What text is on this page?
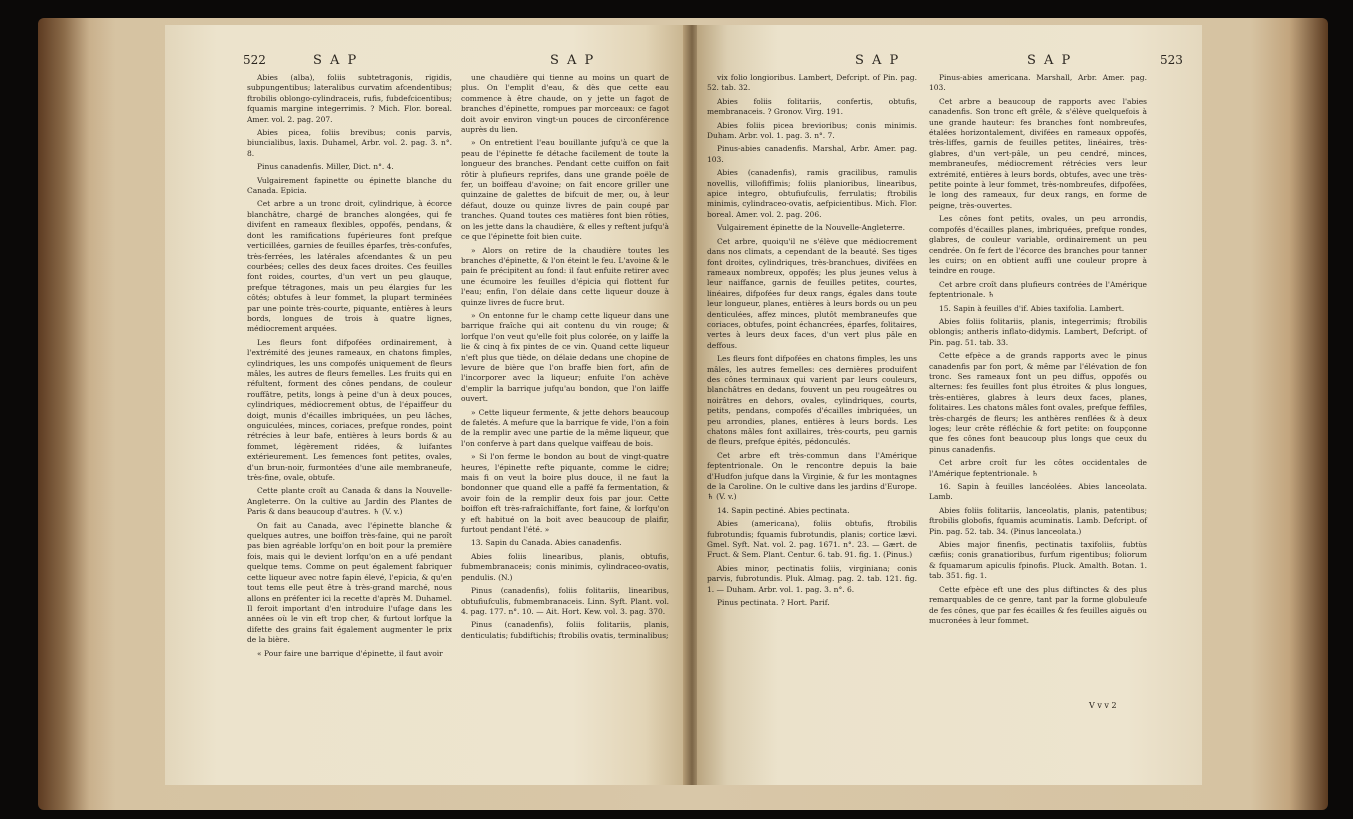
522	S A P	S A P

Abies (alba), foliis subtetragonis, rigidis, subpungentibus; lateralibus curvatim afcendentibus; ftrobilis oblongo-cylindraceis, rufis, fubdefcicentibus; fquamis margine integerrimis. ? Mich. Flor. boreal. Amer. vol. 2. pag. 207.

Abies picea, foliis brevibus; conis parvis, biuncialibus, laxis. Duhamel, Arbr. vol. 2. pag. 3. n°. 8.

Pinus canadenfis. Miller, Dict. n°. 4.

Vulgairement fapinette ou épinette blanche du Canada. Epicia.

Cet arbre a un tronc droit, cylindrique, à écorce blanchâtre, chargé de branches alongées, qui fe divifent en rameaux flexibles, oppofés, pendans, & dont les ramifications fupérieures font prefque verticillées, garnies de feuilles éparfes, très-confufes, très-ferrées, les latérales afcendantes & un peu courbées; celles des deux faces droites. Ces feuilles font roides, courtes, d'un vert un peu glauque, prefque tétragones, mais un peu élargies fur les côtés; obtufes à leur fommet, la plupart terminées par une pointe très-courte, piquante, entières à leurs bords, longues de trois à quatre lignes, médiocrement arquées.

Les fleurs font difpofées ordinairement, à l'extrémité des jeunes rameaux, en chatons fimples, cylindriques, les uns compofés uniquement de fleurs mâles, les autres de fleurs femelles. Les fruits qui en réfultent, forment des cônes pendans, de couleur rouffâtre, petits, longs à peine d'un à deux pouces, cylindriques, médiocrement obtus, de l'épaiffeur du doigt, munis d'écailles imbriquées, un peu lâches, onguiculées, minces, coriaces, prefque rondes, point rétrécies à leur bafe, entières à leurs bords & au fommet, légèrement ridées, & luifantes extérieurement. Les femences font petites, ovales, d'un brun-noir, furmontées d'une aile membraneufe, très-fine, ovale, obtufe.

Cette plante croît au Canada & dans la Nouvelle-Angleterre. On la cultive au Jardin des Plantes de Paris & dans beaucoup d'autres. ♄ (V. v.)

On fait au Canada, avec l'épinette blanche & quelques autres, une boiffon très-faine, qui ne paroît pas bien agréable lorfqu'on en boit pour la première fois, mais qui le devient lorfqu'on en a ufé pendant quelque tems. Comme on peut également fabriquer cette liqueur avec notre fapin élevé, l'epicia, & qu'en tout tems elle peut être à très-grand marché, nous allons en préfenter ici la recette d'après M. Duhamel. Il feroit important d'en introduire l'ufage dans les années où le vin eft trop cher, & furtout lorfque la difette des grains fait également augmenter le prix de la bière.

« Pour faire une barrique d'épinette, il faut avoir

une chaudière qui tienne au moins un quart de plus. On l'emplit d'eau, & dès que cette eau commence à être chaude, on y jette un fagot de branches d'épinette, rompues par morceaux: ce fagot doit avoir environ vingt-un pouces de circonférence auprès du lien.

» On entretient l'eau bouillante jufqu'à ce que la peau de l'épinette fe détache facilement de toute la longueur des branches. Pendant cette cuiffon on fait rôtir à plufieurs reprifes, dans une grande poële de fer, un boiffeau d'avoine; on fait encore griller une quinzaine de galettes de bifcuit de mer, ou, à leur défaut, douze ou quinze livres de pain coupé par tranches. Quand toutes ces matières font bien rôties, on les jette dans la chaudière, & elles y reftent jufqu'à ce que l'épinette foit bien cuite.

» Alors on retire de la chaudière toutes les branches d'épinette, & l'on éteint le feu. L'avoine & le pain fe précipitent au fond: il faut enfuite retirer avec une écumoire les feuilles d'épicia qui flottent fur l'eau; enfin, l'on délaie dans cette liqueur douze à quinze livres de fucre brut.

» On entonne fur le champ cette liqueur dans une barrique fraîche qui ait contenu du vin rouge; & lorfque l'on veut qu'elle foit plus colorée, on y laiffe la lie & cinq à fix pintes de ce vin. Quand cette liqueur n'eft plus que tiède, on délaie dedans une chopine de levure de bière que l'on braffe bien fort, afin de l'incorporer avec la liqueur; enfuite l'on achève d'emplir la barrique jufqu'au bondon, que l'on laiffe ouvert.

» Cette liqueur fermente, & jette dehors beaucoup de faletés. A mefure que la barrique fe vide, l'on a foin de la remplir avec une partie de la même liqueur, que l'on conferve à part dans quelque vaiffeau de bois.

» Si l'on ferme le bondon au bout de vingt-quatre heures, l'épinette refte piquante, comme le cidre; mais fi on veut la boire plus douce, il ne faut la bondonner que quand elle a paffé fa fermentation, & avoir foin de la remplir deux fois par jour. Cette boiffon eft très-rafraîchiffante, fort faine, & lorfqu'on y eft habitué on la boit avec beaucoup de plaifir, furtout pendant l'été. »

13. Sapin du Canada. Abies canadenfis.

Abies foliis linearibus, planis, obtufis, fubmembranaceis; conis minimis, cylindraceo-ovatis, pendulis. (N.)

Pinus (canadenfis), foliis folitariis, linearibus, obtufiufculis, fubmembranaceis. Linn. Syft. Plant. vol. 4. pag. 177. n°. 10. — Ait. Hort. Kew. vol. 3. pag. 370.

Pinus (canadenfis), foliis folitariis, planis, denticulatis; fubdiftichis; ftrobilis ovatis, terminalibus;

S A P	S A P	523

vix folio longioribus. Lambert, Defcript. of Pin. pag. 52. tab. 32.

Abies foliis folitariis, confertis, obtufis, membranaceis. ? Gronov. Virg. 191.

Abies foliis picea brevioribus; conis minimis. Duham. Arbr. vol. 1. pag. 3. n°. 7.

Pinus-abies canadenfis. Marshal, Arbr. Amer. pag. 103.

Abies (canadenfis), ramis gracilibus, ramulis novellis, villofiffimis; foliis planioribus, linearibus, apice integro, obtufiufculis, ferrulatis; ftrobilis minimis, cylindraceo-ovatis, aefpicientibus. Mich. Flor. boreal. Amer. vol. 2. pag. 206.

Vulgairement épinette de la Nouvelle-Angleterre.

Cet arbre, quoiqu'il ne s'élève que médiocrement dans nos climats, a cependant de la beauté. Ses tiges font droites, cylindriques, très-branchues, divifées en rameaux nombreux, oppofés; les plus jeunes velus à leur naiffance, garnis de feuilles petites, courtes, linéaires, difpofées fur deux rangs, égales dans toute leur longueur, planes, entières à leurs bords ou un peu denticulées, affez minces, plutôt membraneufes que coriaces, obtufes, point échancrées, éparfes, folitaires, vertes à leurs deux faces, d'un vert plus pâle en deffous.

Les fleurs font difpofées en chatons fimples, les uns mâles, les autres femelles: ces dernières produifent des cônes terminaux qui varient par leurs couleurs, blanchâtres en dedans, fouvent un peu rougeâtres ou noirâtres en dehors, ovales, cylindriques, courts, petits, pendans, compofés d'écailles imbriquées, un peu arrondies, planes, entières à leurs bords. Les chatons mâles font axillaires, très-courts, peu garnis de fleurs, prefque épités, pédonculés.

Cet arbre eft très-commun dans l'Amérique feptentrionale. On le rencontre depuis la baie d'Hudfon jufque dans la Virginie, & fur les montagnes de la Caroline. On le cultive dans les jardins d'Europe. ♄ (V. v.)

14. Sapin pectiné. Abies pectinata.

Abies (americana), foliis obtufis, ftrobilis fubrotundis; fquamis fubrotundis, planis; cortice lævi. Gmel. Syft. Nat. vol. 2. pag. 1671. n°. 23. — Gært. de Fruct. & Sem. Plant. Centur. 6. tab. 91. fig. 1. (Pinus.)

Abies minor, pectinatis foliis, virginiana; conis parvis, fubrotundis. Pluk. Almag. pag. 2. tab. 121. fig. 1. — Duham. Arbr. vol. 1. pag. 3. n°. 6.

Pinus pectinata. ? Hort. Parif.

Pinus-abies americana. Marshall, Arbr. Amer. pag. 103.

Cet arbre a beaucoup de rapports avec l'abies canadenfis. Son tronc eft grêle, & s'élève quelquefois à une grande hauteur: fes branches font nombreufes, étalées horizontalement, divifées en rameaux oppofés, très-liffes, garnis de feuilles petites, linéaires, très-glabres, d'un vert-pâle, un peu cendré, minces, membraneufes, médiocrement rétrécies vers leur extrémité, entières à leurs bords, obtufes, avec une très-petite pointe à leur fommet, très-nombreufes, difpofées, le long des rameaux, fur deux rangs, en forme de peigne, très-ouvertes.

Les cônes font petits, ovales, un peu arrondis, compofés d'écailles planes, imbriquées, prefque rondes, glabres, de couleur variable, ordinairement un peu cendrée. On fe fert de l'écorce des branches pour tanner les cuirs; on en obtient auffi une couleur propre à teindre en rouge.

Cet arbre croît dans plufieurs contrées de l'Amérique feptentrionale. ♄

15. Sapin à feuilles d'if. Abies taxifolia. Lambert.

Abies foliis folitariis, planis, integerrimis; ftrobilis oblongis; antheris inflato-didymis. Lambert, Defcript. of Pin. pag. 51. tab. 33.

Cette efpèce a de grands rapports avec le pinus canadenfis par fon port, & même par l'élévation de fon tronc. Ses rameaux font un peu diffus, oppofés ou alternes: fes feuilles font plus étroites & plus longues, très-entières, glabres à leurs deux faces, planes, folitaires. Les chatons mâles font ovales, prefque feffiles, très-chargés de fleurs; les anthères renflées & à deux loges; leur crête réfléchie & fort petite: on foupçonne que fes cônes font beaucoup plus longs que ceux du pinus canadenfis.

Cet arbre croît fur les côtes occidentales de l'Amérique feptentrionale. ♄

16. Sapin à feuilles lancéolées. Abies lanceolata. Lamb.

Abies foliis folitariis, lanceolatis, planis, patentibus; ftrobilis globofis, fquamis acuminatis. Lamb. Defcript. of Pin. pag. 52. tab. 34. (Pinus lanceolata.)

Abies major finenfis, pectinatis taxifoliis, fubtùs cæfiis; conis granatioribus, furfum rigentibus; foliorum & fquamarum apiculis fpinofis. Pluck. Amalth. Botan. 1. tab. 351. fig. 1.

Cette efpèce eft une des plus diftinctes & des plus remarquables de ce genre, tant par la forme globuleufe de fes cônes, que par fes écailles & fes feuilles aiguës ou mucronées à leur fommet.

V v v 2
